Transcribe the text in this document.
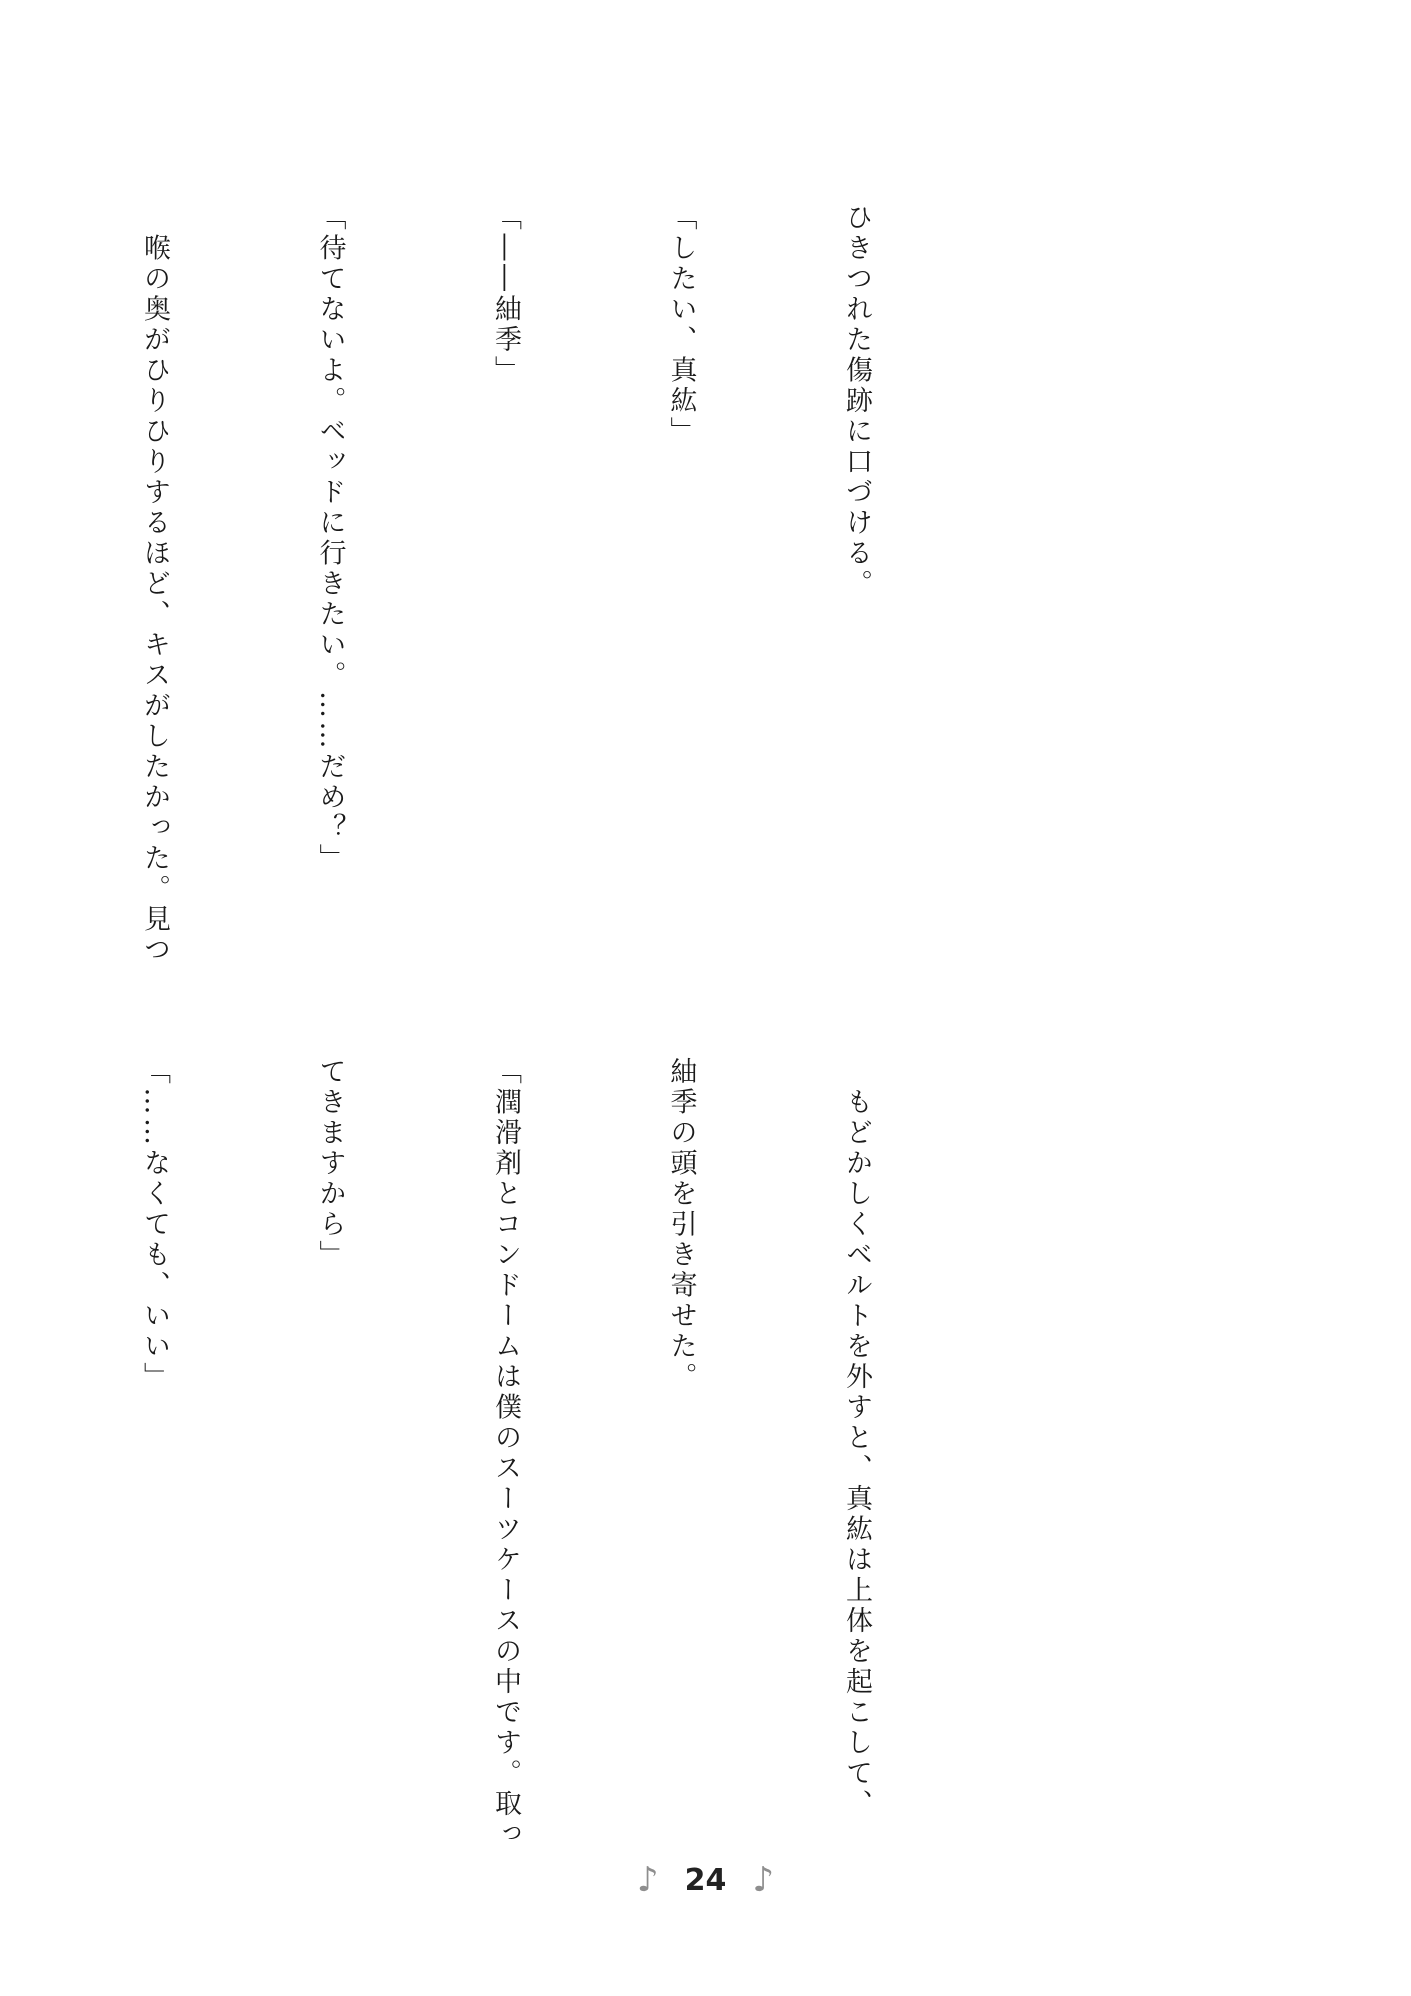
ひきつれた傷跡に口づける。

「したい、真紘」

「――紬季」

「待てないよ。ベッドに行きたい。……だめ？」

　喉の奥がひりひりするほど、キスがしたかった。見つ

　もどかしくベルトを外すと、真紘は上体を起こして、

紬季の頭を引き寄せた。

「潤滑剤とコンドームは僕のスーツケースの中です。取っ

てきますから」

「……なくても、いい」

♪ 24 ♪
